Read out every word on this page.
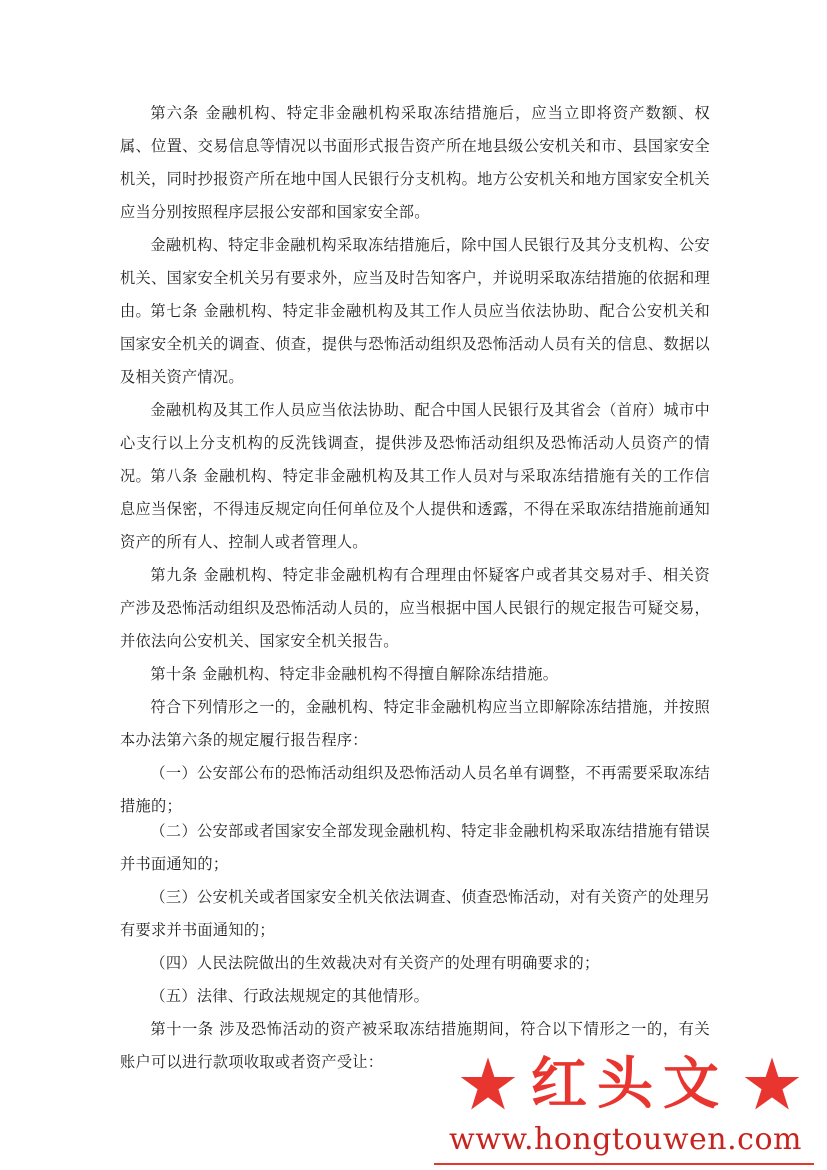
第六条 金融机构、特定非金融机构采取冻结措施后，应当立即将资产数额、权属、位置、交易信息等情况以书面形式报告资产所在地县级公安机关和市、县国家安全机关，同时抄报资产所在地中国人民银行分支机构。地方公安机关和地方国家安全机关应当分别按照程序层报公安部和国家安全部。

金融机构、特定非金融机构采取冻结措施后，除中国人民银行及其分支机构、公安机关、国家安全机关另有要求外，应当及时告知客户，并说明采取冻结措施的依据和理由。 第七条 金融机构、特定非金融机构及其工作人员应当依法协助、配合公安机关和国家安全机关的调查、侦查，提供与恐怖活动组织及恐怖活动人员有关的信息、数据以及相关资产情况。

金融机构及其工作人员应当依法协助、配合中国人民银行及其省会（首府）城市中心支行以上分支机构的反洗钱调查，提供涉及恐怖活动组织及恐怖活动人员资产的情况。 第八条 金融机构、特定非金融机构及其工作人员对与采取冻结措施有关的工作信息应当保密，不得违反规定向任何单位及个人提供和透露，不得在采取冻结措施前通知资产的所有人、控制人或者管理人。

第九条 金融机构、特定非金融机构有合理理由怀疑客户或者其交易对手、相关资产涉及恐怖活动组织及恐怖活动人员的，应当根据中国人民银行的规定报告可疑交易，并依法向公安机关、国家安全机关报告。

第十条 金融机构、特定非金融机构不得擅自解除冻结措施。

符合下列情形之一的，金融机构、特定非金融机构应当立即解除冻结措施，并按照本办法第六条的规定履行报告程序：

（一）公安部公布的恐怖活动组织及恐怖活动人员名单有调整，不再需要采取冻结措施的；

（二）公安部或者国家安全部发现金融机构、特定非金融机构采取冻结措施有错误并书面通知的；

（三）公安机关或者国家安全机关依法调查、侦查恐怖活动，对有关资产的处理另有要求并书面通知的；

（四）人民法院做出的生效裁决对有关资产的处理有明确要求的；

（五）法律、行政法规规定的其他情形。

第十一条 涉及恐怖活动的资产被采取冻结措施期间，符合以下情形之一的，有关账户可以进行款项收取或者资产受让：	红头文
www.hongtouwen.com
